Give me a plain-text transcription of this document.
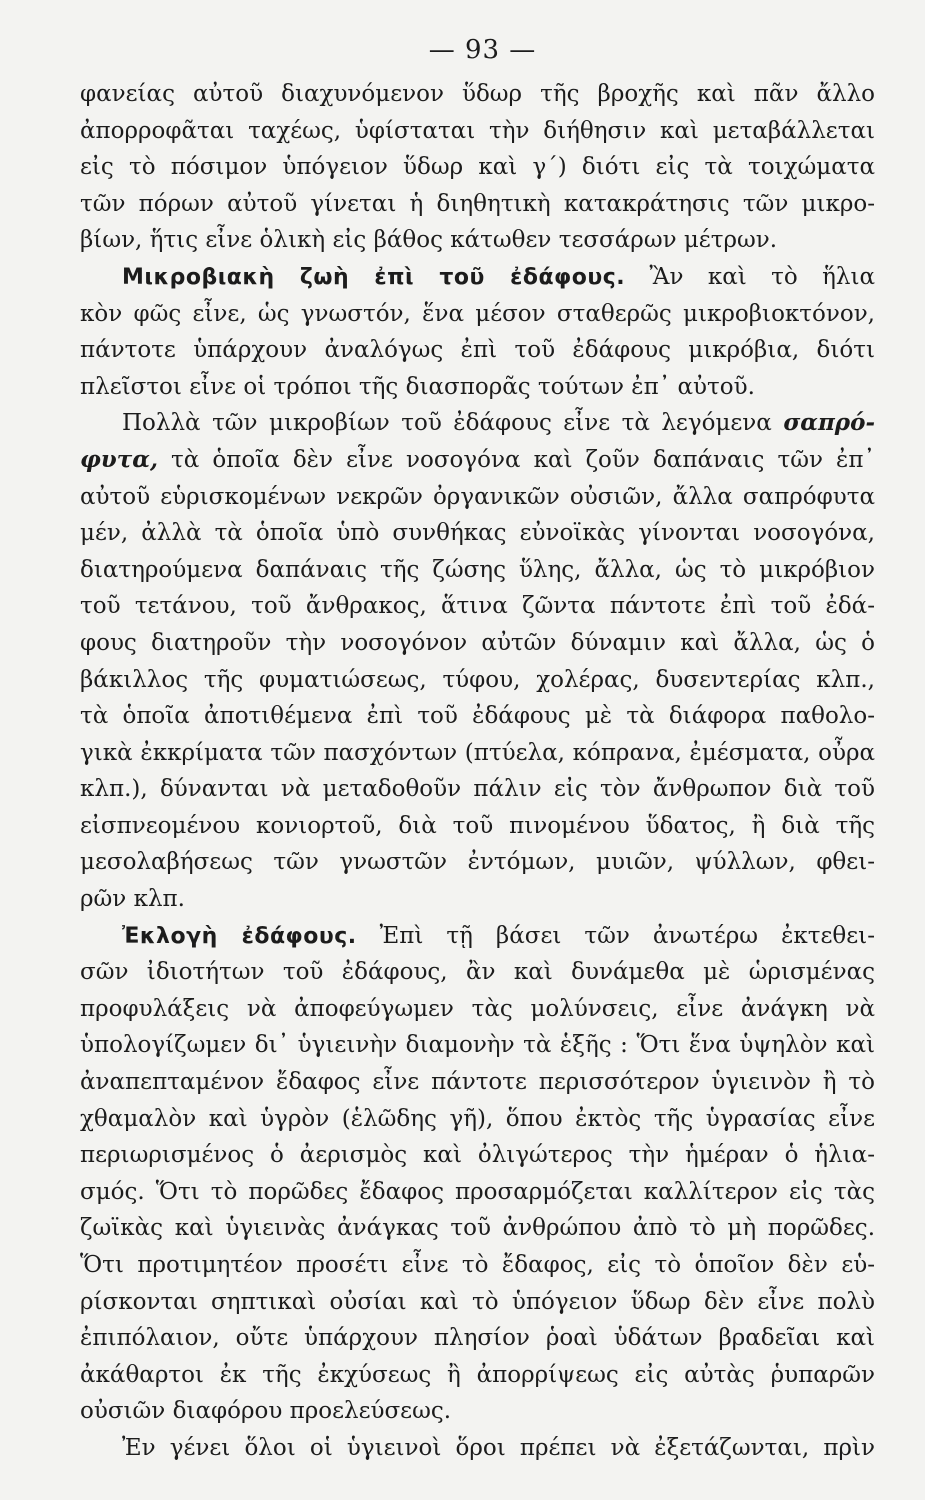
— 93 —
φανείας αὐτοῦ διαχυνόμενον ὕδωρ τῆς βροχῆς καὶ πᾶν ἄλλο
ἀπορροφᾶται ταχέως, ὑφίσταται τὴν διήθησιν καὶ μεταβάλλεται
εἰς τὸ πόσιμον ὑπόγειον ὕδωρ καὶ γ΄) διότι εἰς τὰ τοιχώματα
τῶν πόρων αὐτοῦ γίνεται ἡ διηθητικὴ κατακράτησις τῶν μικρο-
βίων, ἥτις εἶνε ὁλικὴ εἰς βάθος κάτωθεν τεσσάρων μέτρων.
Μικροβιακὴ ζωὴ ἐπὶ τοῦ ἐδάφους. Ἂν καὶ τὸ ἥλια
κὸν φῶς εἶνε, ὡς γνωστόν, ἕνα μέσον σταθερῶς μικροβιοκτόνον,
πάντοτε ὑπάρχουν ἀναλόγως ἐπὶ τοῦ ἐδάφους μικρόβια, διότι
πλεῖστοι εἶνε οἱ τρόποι τῆς διασπορᾶς τούτων ἐπ᾿ αὐτοῦ.
Πολλὰ τῶν μικροβίων τοῦ ἐδάφους εἶνε τὰ λεγόμενα σαπρό-
φυτα, τὰ ὁποῖα δὲν εἶνε νοσογόνα καὶ ζοῦν δαπάναις τῶν ἐπ᾿
αὐτοῦ εὑρισκομένων νεκρῶν ὀργανικῶν οὐσιῶν, ἄλλα σαπρόφυτα
μέν, ἀλλὰ τὰ ὁποῖα ὑπὸ συνθήκας εὐνοϊκὰς γίνονται νοσογόνα,
διατηρούμενα δαπάναις τῆς ζώσης ὕλης, ἄλλα, ὡς τὸ μικρόβιον
τοῦ τετάνου, τοῦ ἄνθρακος, ἅτινα ζῶντα πάντοτε ἐπὶ τοῦ ἐδά-
φους διατηροῦν τὴν νοσογόνον αὐτῶν δύναμιν καὶ ἄλλα, ὡς ὁ
βάκιλλος τῆς φυματιώσεως, τύφου, χολέρας, δυσεντερίας κλπ.,
τὰ ὁποῖα ἀποτιθέμενα ἐπὶ τοῦ ἐδάφους μὲ τὰ διάφορα παθολο-
γικὰ ἐκκρίματα τῶν πασχόντων (πτύελα, κόπρανα, ἐμέσματα, οὖρα
κλπ.), δύνανται νὰ μεταδοθοῦν πάλιν εἰς τὸν ἄνθρωπον διὰ τοῦ
εἰσπνεομένου κονιορτοῦ, διὰ τοῦ πινομένου ὕδατος, ἢ διὰ τῆς
μεσολαβήσεως τῶν γνωστῶν ἐντόμων, μυιῶν, ψύλλων, φθει-
ρῶν κλπ.
Ἐκλογὴ ἐδάφους. Ἐπὶ τῇ βάσει τῶν ἀνωτέρω ἐκτεθει-
σῶν ἰδιοτήτων τοῦ ἐδάφους, ἂν καὶ δυνάμεθα μὲ ὡρισμένας
προφυλάξεις νὰ ἀποφεύγωμεν τὰς μολύνσεις, εἶνε ἀνάγκη νὰ
ὑπολογίζωμεν δι᾿ ὑγιεινὴν διαμονὴν τὰ ἑξῆς : Ὅτι ἕνα ὑψηλὸν καὶ
ἀναπεπταμένον ἔδαφος εἶνε πάντοτε περισσότερον ὑγιεινὸν ἢ τὸ
χθαμαλὸν καὶ ὑγρὸν (ἑλῶδης γῆ), ὅπου ἐκτὸς τῆς ὑγρασίας εἶνε
περιωρισμένος ὁ ἀερισμὸς καὶ ὀλιγώτερος τὴν ἡμέραν ὁ ἡλια-
σμός. Ὅτι τὸ πορῶδες ἔδαφος προσαρμόζεται καλλίτερον εἰς τὰς
ζωϊκὰς καὶ ὑγιεινὰς ἀνάγκας τοῦ ἀνθρώπου ἀπὸ τὸ μὴ πορῶδες.
Ὅτι προτιμητέον προσέτι εἶνε τὸ ἔδαφος, εἰς τὸ ὁποῖον δὲν εὑ-
ρίσκονται σηπτικαὶ οὐσίαι καὶ τὸ ὑπόγειον ὕδωρ δὲν εἶνε πολὺ
ἐπιπόλαιον, οὔτε ὑπάρχουν πλησίον ῥοαὶ ὑδάτων βραδεῖαι καὶ
ἀκάθαρτοι ἐκ τῆς ἐκχύσεως ἢ ἀπορρίψεως εἰς αὐτὰς ῥυπαρῶν
οὐσιῶν διαφόρου προελεύσεως.
Ἐν γένει ὅλοι οἱ ὑγιεινοὶ ὅροι πρέπει νὰ ἐξετάζωνται, πρὶν
